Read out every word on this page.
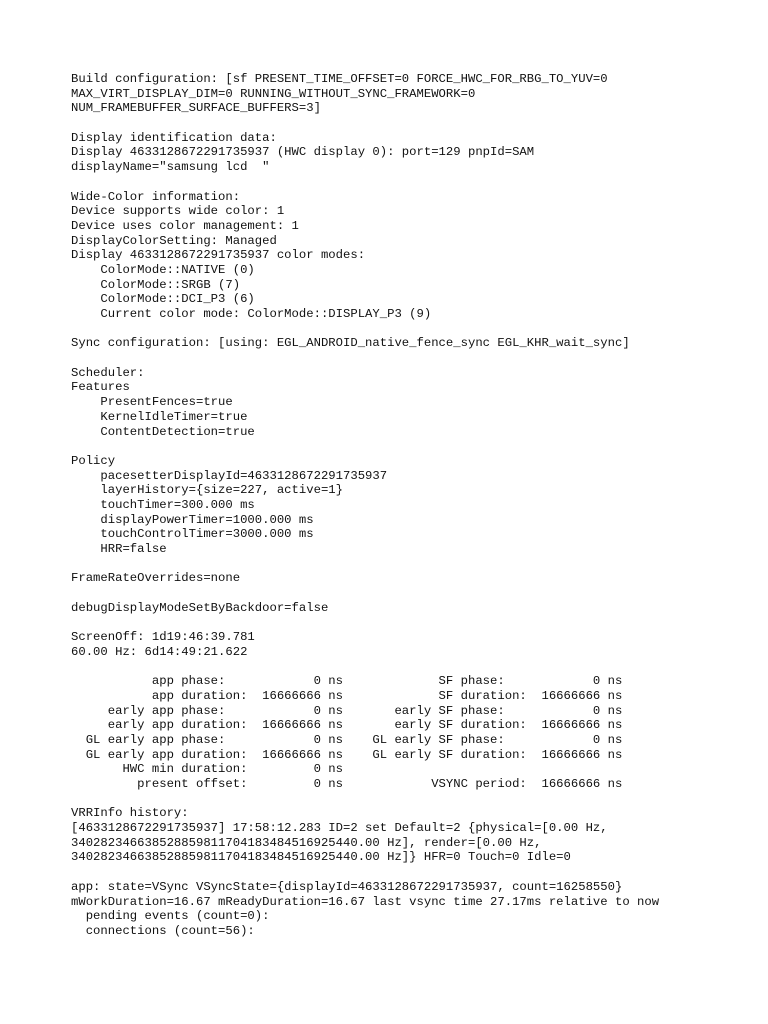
Build configuration: [sf PRESENT_TIME_OFFSET=0 FORCE_HWC_FOR_RBG_TO_YUV=0
MAX_VIRT_DISPLAY_DIM=0 RUNNING_WITHOUT_SYNC_FRAMEWORK=0
NUM_FRAMEBUFFER_SURFACE_BUFFERS=3]
Display identification data:
Display 4633128672291735937 (HWC display 0): port=129 pnpId=SAM
displayName="samsung lcd  "
Wide-Color information:
Device supports wide color: 1
Device uses color management: 1
DisplayColorSetting: Managed
Display 4633128672291735937 color modes:
ColorMode::NATIVE (0)
ColorMode::SRGB (7)
ColorMode::DCI_P3 (6)
Current color mode: ColorMode::DISPLAY_P3 (9)
Sync configuration: [using: EGL_ANDROID_native_fence_sync EGL_KHR_wait_sync]
Scheduler:
Features
PresentFences=true
KernelIdleTimer=true
ContentDetection=true
Policy
pacesetterDisplayId=4633128672291735937
layerHistory={size=227, active=1}
touchTimer=300.000 ms
displayPowerTimer=1000.000 ms
touchControlTimer=3000.000 ms
HRR=false
FrameRateOverrides=none
debugDisplayModeSetByBackdoor=false
ScreenOff: 1d19:46:39.781
60.00 Hz: 6d14:49:21.622
app phase:            0 ns             SF phase:            0 ns
app duration:  16666666 ns             SF duration:  16666666 ns
early app phase:            0 ns       early SF phase:            0 ns
early app duration:  16666666 ns       early SF duration:  16666666 ns
GL early app phase:            0 ns    GL early SF phase:            0 ns
GL early app duration:  16666666 ns    GL early SF duration:  16666666 ns
HWC min duration:         0 ns
present offset:         0 ns            VSYNC period:  16666666 ns
VRRInfo history:
[4633128672291735937] 17:58:12.283 ID=2 set Default=2 {physical=[0.00 Hz,
340282346638528859811704183484516925440.00 Hz], render=[0.00 Hz,
340282346638528859811704183484516925440.00 Hz]} HFR=0 Touch=0 Idle=0
app: state=VSync VSyncState={displayId=4633128672291735937, count=16258550}
mWorkDuration=16.67 mReadyDuration=16.67 last vsync time 27.17ms relative to now
pending events (count=0):
connections (count=56):
